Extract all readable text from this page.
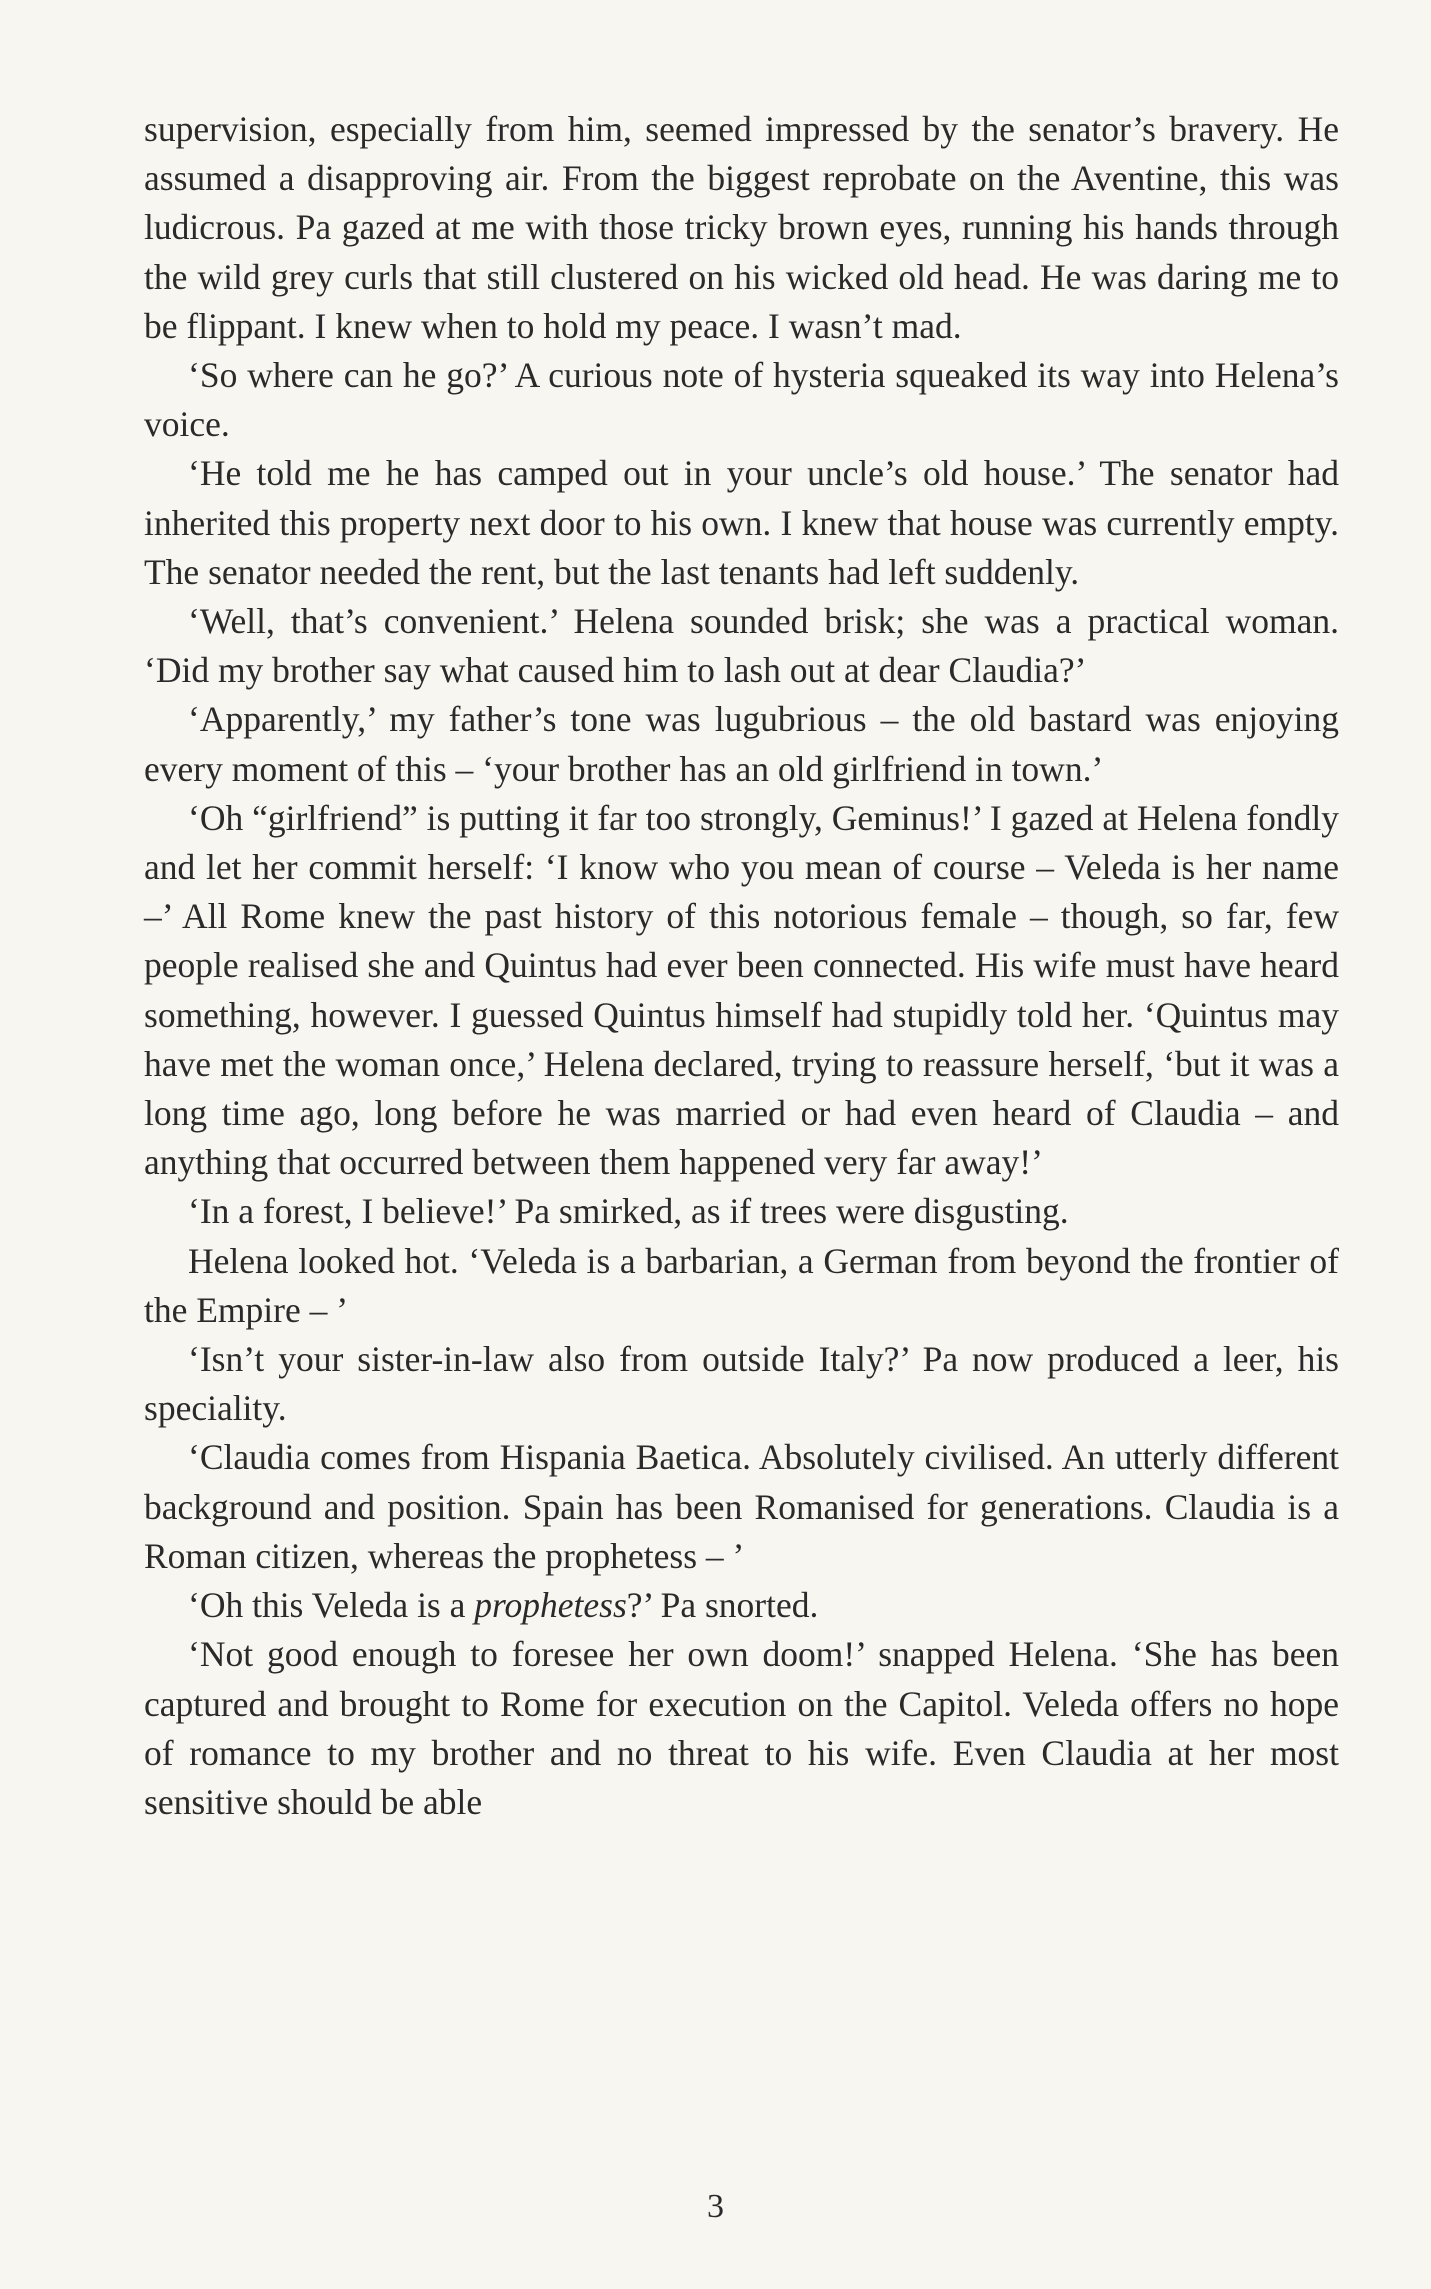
supervision, especially from him, seemed impressed by the senator’s bravery. He assumed a disapproving air. From the biggest reprobate on the Aventine, this was ludicrous. Pa gazed at me with those tricky brown eyes, running his hands through the wild grey curls that still clustered on his wicked old head. He was daring me to be flippant. I knew when to hold my peace. I wasn’t mad.

‘So where can he go?’ A curious note of hysteria squeaked its way into Helena’s voice.

‘He told me he has camped out in your uncle’s old house.’ The senator had inherited this property next door to his own. I knew that house was currently empty. The senator needed the rent, but the last tenants had left suddenly.

‘Well, that’s convenient.’ Helena sounded brisk; she was a practical woman. ‘Did my brother say what caused him to lash out at dear Claudia?’

‘Apparently,’ my father’s tone was lugubrious – the old bastard was enjoying every moment of this – ‘your brother has an old girlfriend in town.’

‘Oh “girlfriend” is putting it far too strongly, Geminus!’ I gazed at Helena fondly and let her commit herself: ‘I know who you mean of course – Veleda is her name –’ All Rome knew the past history of this notorious female – though, so far, few people realised she and Quintus had ever been connected. His wife must have heard something, however. I guessed Quintus himself had stupidly told her. ‘Quintus may have met the woman once,’ Helena declared, trying to reassure herself, ‘but it was a long time ago, long before he was married or had even heard of Claudia – and anything that occurred between them happened very far away!’

‘In a forest, I believe!’ Pa smirked, as if trees were disgusting.

Helena looked hot. ‘Veleda is a barbarian, a German from beyond the frontier of the Empire – ’

‘Isn’t your sister-in-law also from outside Italy?’ Pa now produced a leer, his speciality.

‘Claudia comes from Hispania Baetica. Absolutely civilised. An utterly different background and position. Spain has been Romanised for generations. Claudia is a Roman citizen, whereas the prophetess – ’

‘Oh this Veleda is a prophetess?’ Pa snorted.

‘Not good enough to foresee her own doom!’ snapped Helena. ‘She has been captured and brought to Rome for execution on the Capitol. Veleda offers no hope of romance to my brother and no threat to his wife. Even Claudia at her most sensitive should be able

3
